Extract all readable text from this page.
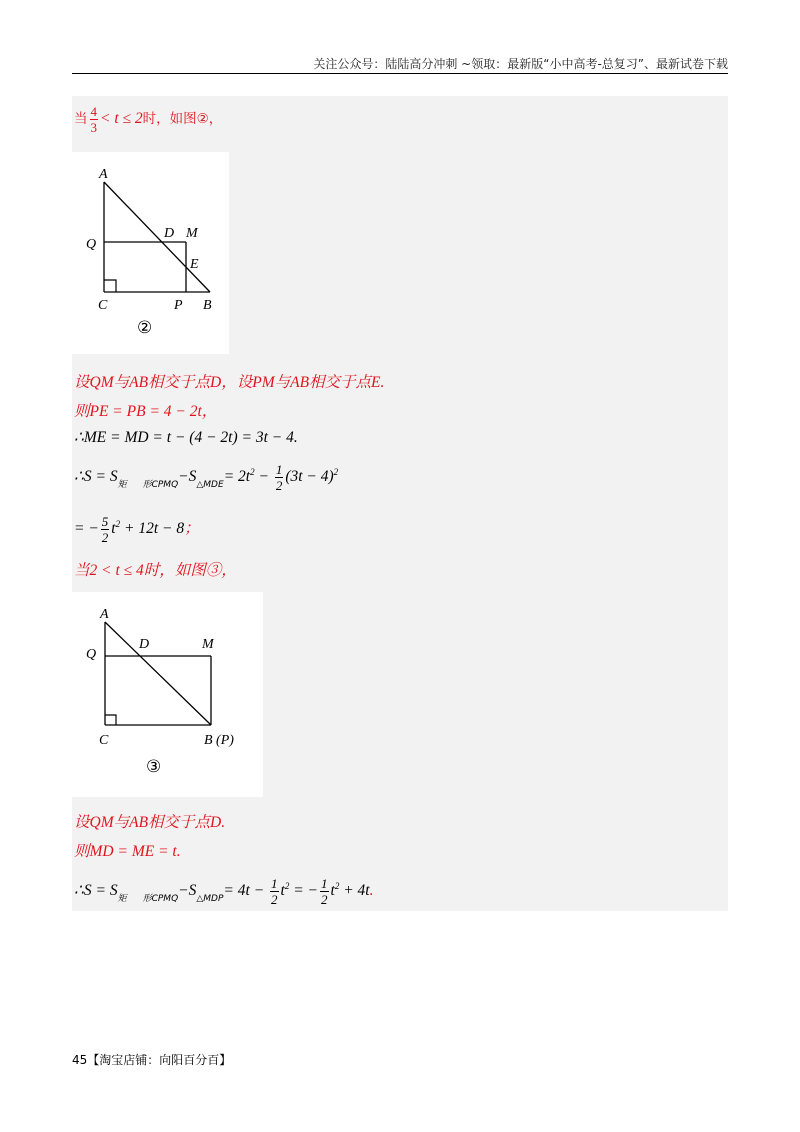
关注公众号：陆陆高分冲刺 ~领取：最新版“小中高考-总复习”、最新试卷下载
当 $\frac{4}{3} < t \le 2$时，如图②，
A
Q
D M
E
C	P B
②
设QM与AB相交于点D，设PM与AB相交于点E.
则PE = PB = 4 − 2t，
∴ME = MD = t − (4 − 2t) = 3t − 4.
∴S = $S_矩$ $_{形CPMQ}-S_{\triangle MDE}= 2t^2 - \frac{1}{2} (3t - 4)^2$
= − $\frac{5}{2} t^2 + 12t - 8$；
当2 < t ≤ 4时，如图③，
A
Q
D	M
C	B (P)
③
设QM与AB相交于点D.
则MD = ME = t.
∴S = $S_矩$ $_{形CPMQ}-S_{\triangle MDP}= 4t - \frac{1}{2} t^2$ = − $\frac{1}{2} t^2 + 4t$.
45【淘宝店铺：向阳百分百】
